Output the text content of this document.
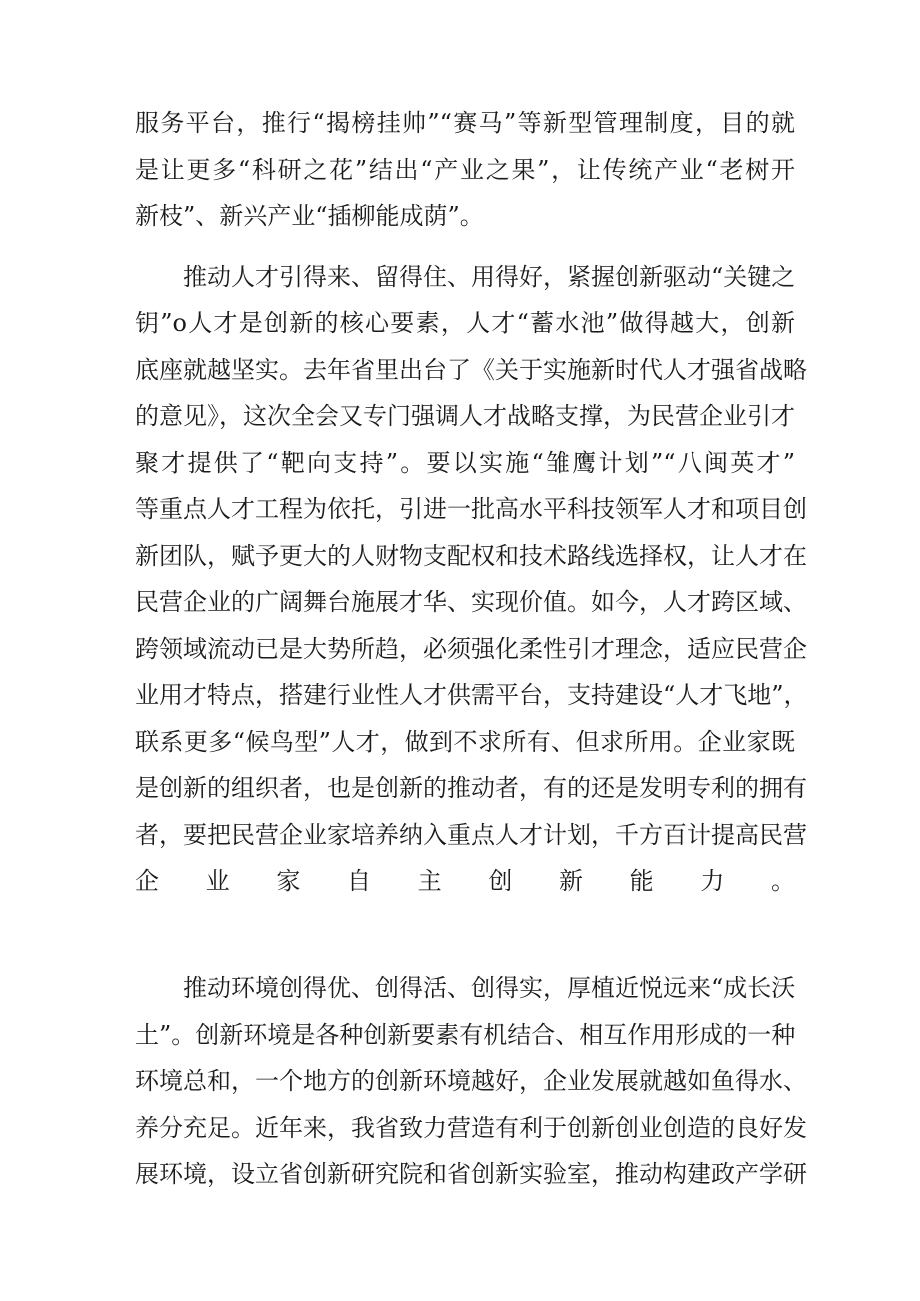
服务平台，推行“揭榜挂帅”“赛马”等新型管理制度，目的就
是让更多“科研之花”结出“产业之果”，让传统产业“老树开
新枝”、新兴产业“插柳能成荫”。
推动人才引得来、留得住、用得好，紧握创新驱动“关键之
钥”o人才是创新的核心要素，人才“蓄水池”做得越大，创新
底座就越坚实。去年省里出台了《关于实施新时代人才强省战略
的意见》，这次全会又专门强调人才战略支撑，为民营企业引才
聚才提供了“靶向支持”。要以实施“雏鹰计划”“八闽英才”
等重点人才工程为依托，引进一批高水平科技领军人才和项目创
新团队，赋予更大的人财物支配权和技术路线选择权，让人才在
民营企业的广阔舞台施展才华、实现价值。如今，人才跨区域、
跨领域流动已是大势所趋，必须强化柔性引才理念，适应民营企
业用才特点，搭建行业性人才供需平台，支持建设“人才飞地”，
联系更多“候鸟型”人才，做到不求所有、但求所用。企业家既
是创新的组织者，也是创新的推动者，有的还是发明专利的拥有
者，要把民营企业家培养纳入重点人才计划，千方百计提高民营
企业家自主创新能力。
推动环境创得优、创得活、创得实，厚植近悦远来“成长沃
土”。创新环境是各种创新要素有机结合、相互作用形成的一种
环境总和，一个地方的创新环境越好，企业发展就越如鱼得水、
养分充足。近年来，我省致力营造有利于创新创业创造的良好发
展环境，设立省创新研究院和省创新实验室，推动构建政产学研
